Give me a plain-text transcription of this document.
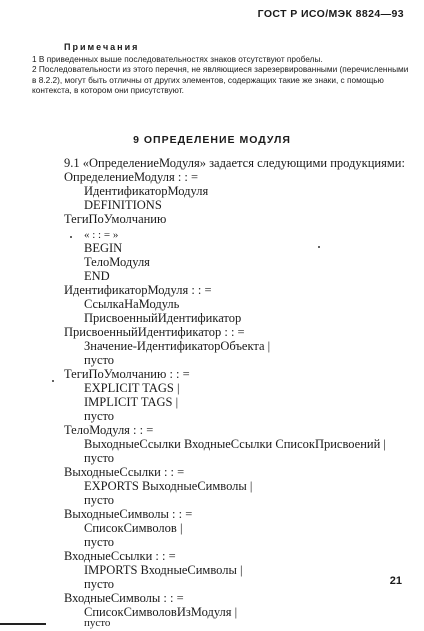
ГОСТ Р ИСО/МЭК 8824—93
Примечания
1 В приведенных выше последовательностях знаков отсутствуют пробелы.
2 Последовательности из этого перечня, не являющиеся зарезервированными (перечисленными в 8.2.2), могут быть отличны от других элементов, содержащих такие же знаки, с помощью контекста, в котором они присутствуют.
9 ОПРЕДЕЛЕНИЕ МОДУЛЯ
9.1 «ОпределениеМодуля» задается следующими продукциями:
ОпределениеМодуля : : =
ИдентификаторМодуля
DEFINITIONS
ТегиПоУмолчанию
« : : = »
BEGIN
ТелоМодуля
END
ИдентификаторМодуля : : =
СсылкаНаМодуль
ПрисвоенныйИдентификатор
ПрисвоенныйИдентификатор : : =
Значение-ИдентификаторОбъекта |
пусто
ТегиПоУмолчанию : : =
EXPLICIT TAGS |
IMPLICIT TAGS |
пусто
ТелоМодуля : : =
ВыходныеСсылки ВходныеСсылки СписокПрисвоений |
пусто
ВыходныеСсылки : : =
EXPORTS ВыходныеСимволы |
пусто
ВыходныеСимволы : : =
СписокСимволов |
пусто
ВходныеСсылки : : =
IMPORTS ВходныеСимволы |
пусто
ВходныеСимволы : : =
СписокСимволовИзМодуля |
пусто
21
